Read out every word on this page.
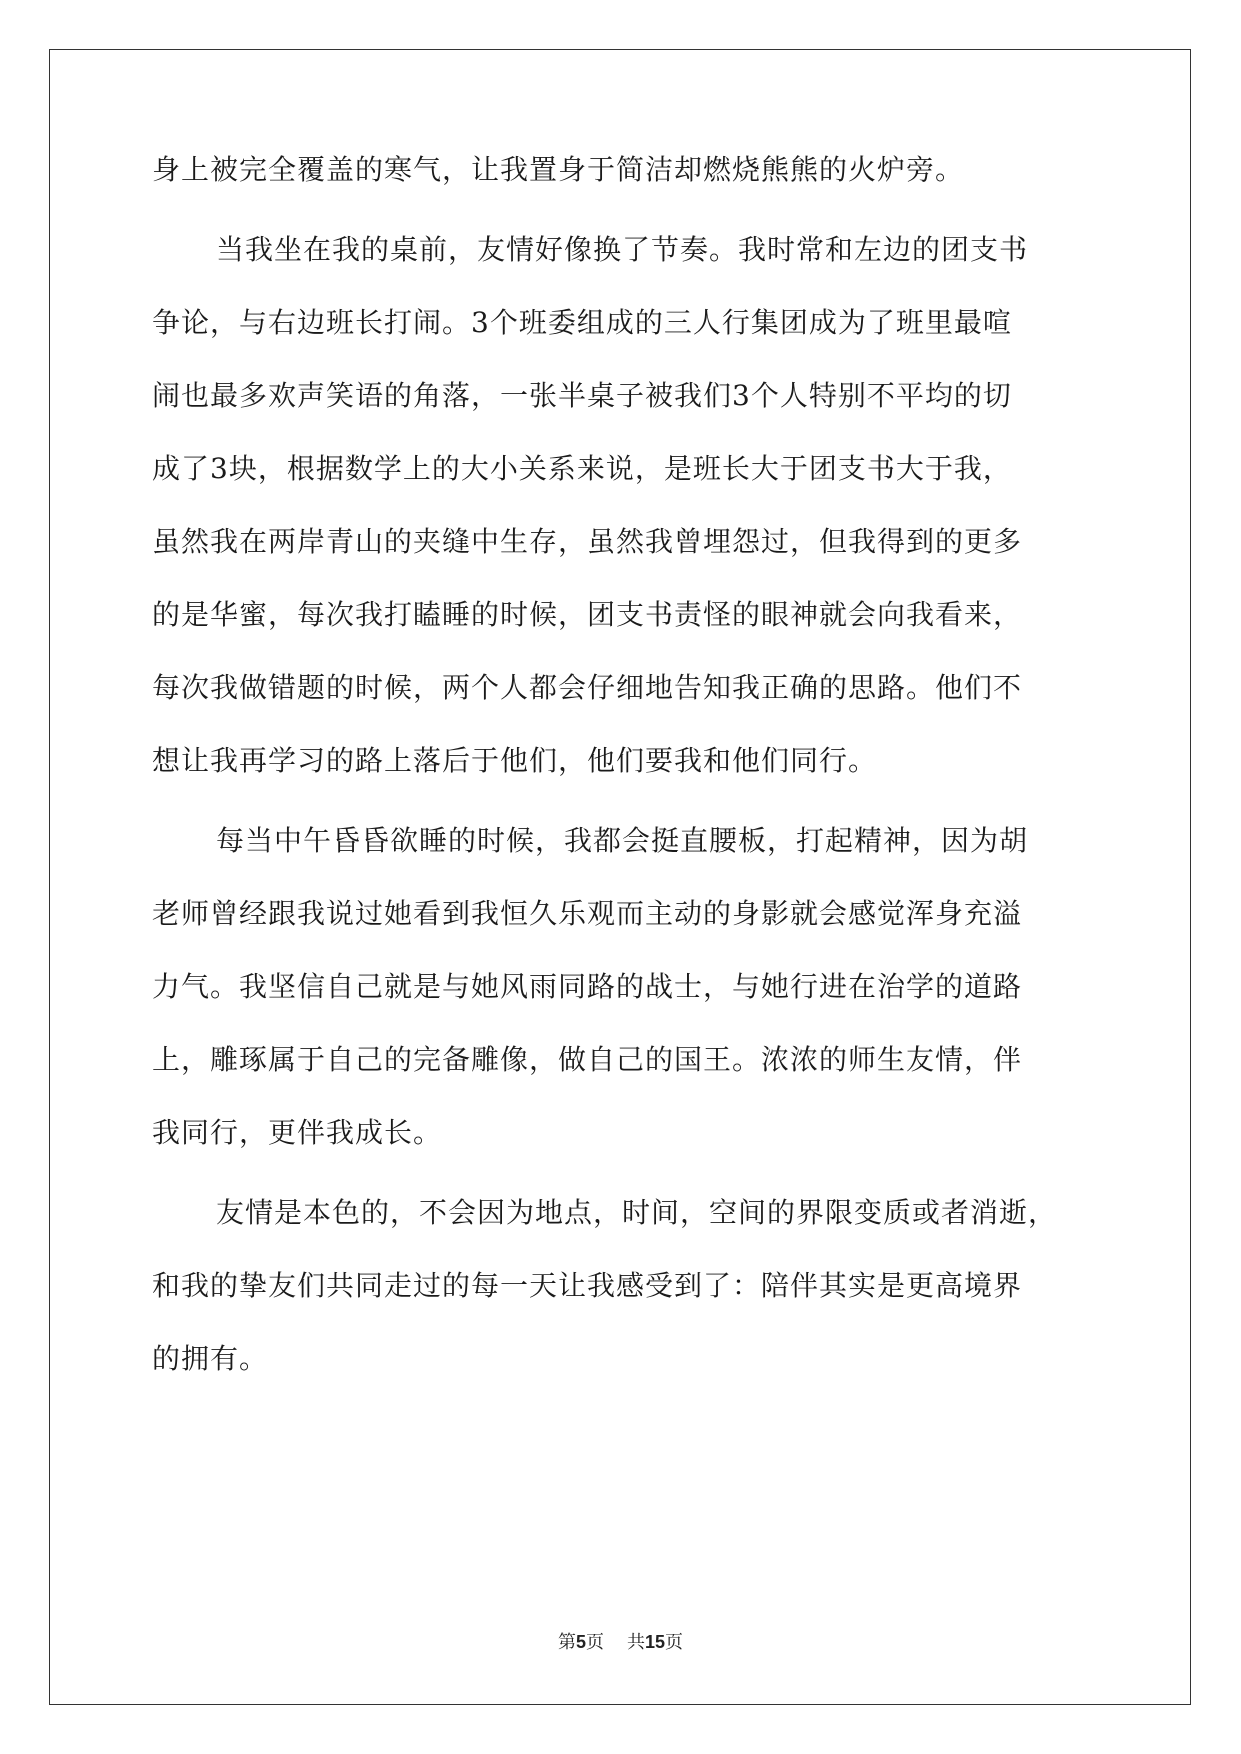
身上被完全覆盖的寒气，让我置身于简洁却燃烧熊熊的火炉旁。
当我坐在我的桌前，友情好像换了节奏。我时常和左边的团支书
争论，与右边班长打闹。3个班委组成的三人行集团成为了班里最喧
闹也最多欢声笑语的角落，一张半桌子被我们3个人特别不平均的切
成了3块，根据数学上的大小关系来说，是班长大于团支书大于我，
虽然我在两岸青山的夹缝中生存，虽然我曾埋怨过，但我得到的更多
的是华蜜，每次我打瞌睡的时候，团支书责怪的眼神就会向我看来，
每次我做错题的时候，两个人都会仔细地告知我正确的思路。他们不
想让我再学习的路上落后于他们，他们要我和他们同行。
每当中午昏昏欲睡的时候，我都会挺直腰板，打起精神，因为胡
老师曾经跟我说过她看到我恒久乐观而主动的身影就会感觉浑身充溢
力气。我坚信自己就是与她风雨同路的战士，与她行进在治学的道路
上，雕琢属于自己的完备雕像，做自己的国王。浓浓的师生友情，伴
我同行，更伴我成长。
友情是本色的，不会因为地点，时间，空间的界限变质或者消逝，
和我的挚友们共同走过的每一天让我感受到了：陪伴其实是更高境界
的拥有。
第5页 共15页
